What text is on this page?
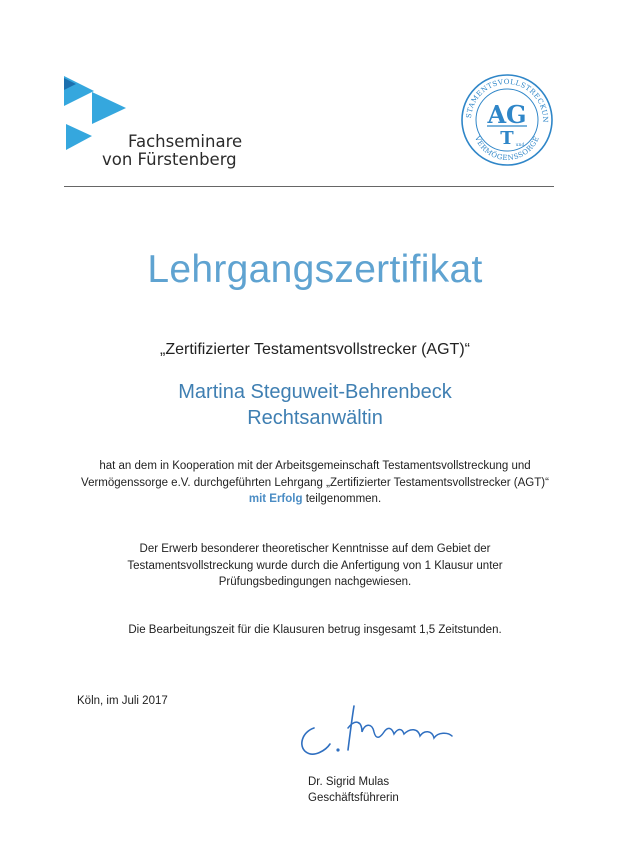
Fachseminare
von Fürstenberg
STAMENTSVOLLSTRECKUN
VERMÖGENSSORGE
AG
T und
Lehrgangszertifikat
„Zertifizierter Testamentsvollstrecker (AGT)“
Martina Steguweit-Behrenbeck
Rechtsanwältin
hat an dem in Kooperation mit der Arbeitsgemeinschaft Testamentsvollstreckung und
Vermögenssorge e.V. durchgeführten Lehrgang „Zertifizierter Testamentsvollstrecker (AGT)“
mit Erfolg teilgenommen.
Der Erwerb besonderer theoretischer Kenntnisse auf dem Gebiet der
Testamentsvollstreckung wurde durch die Anfertigung von 1 Klausur unter
Prüfungsbedingungen nachgewiesen.
Die Bearbeitungszeit für die Klausuren betrug insgesamt 1,5 Zeitstunden.
Köln, im Juli 2017
Dr. Sigrid Mulas
Geschäftsführerin
